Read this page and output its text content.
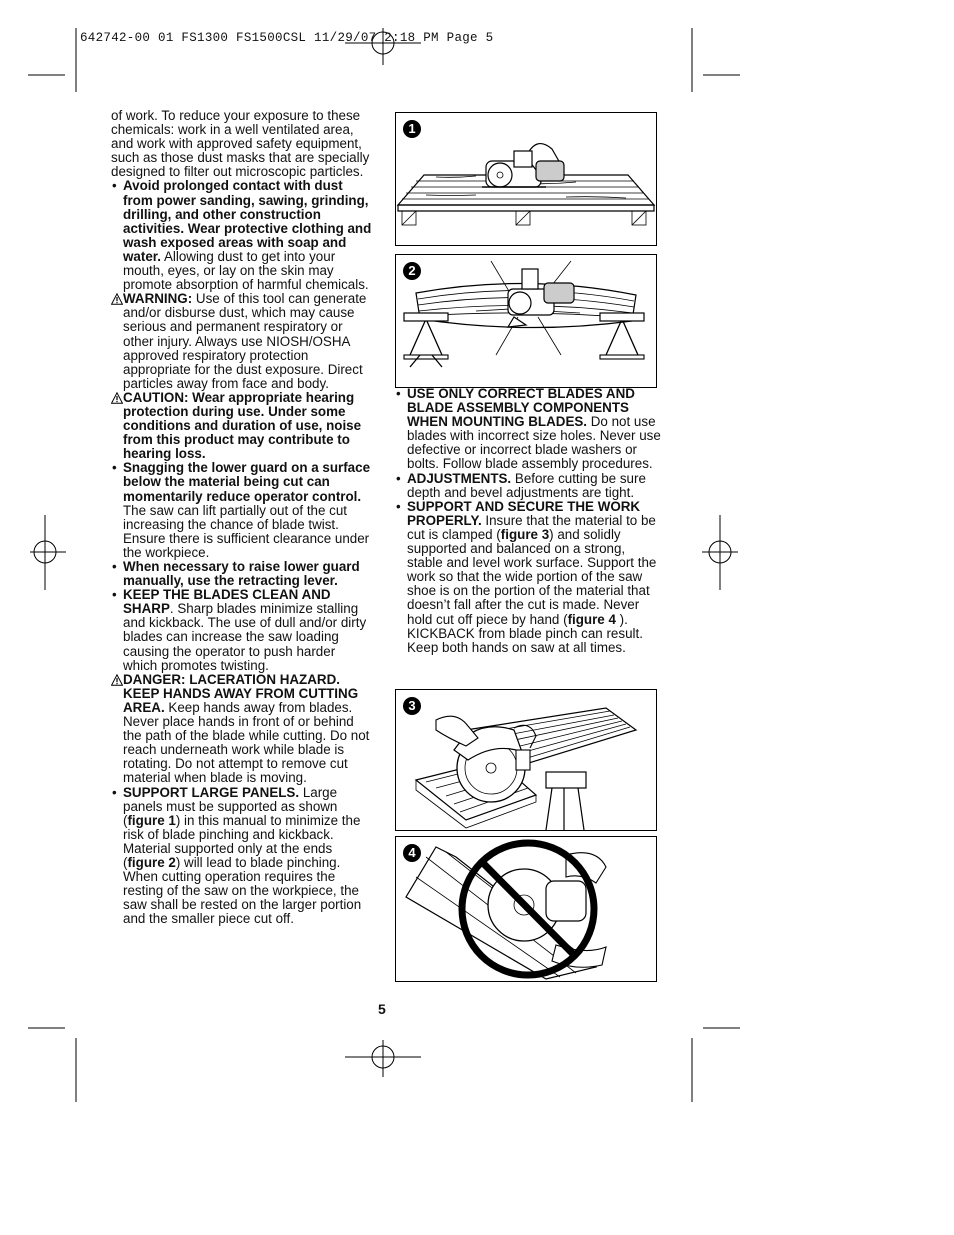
642742-00 01 FS1300 FS1500CSL 11/29/07 2:18 PM Page 5

of work. To reduce your exposure to these chemicals: work in a well ventilated area, and work with approved safety equipment, such as those dust masks that are specially designed to filter out microscopic particles.

• Avoid prolonged contact with dust from power sanding, sawing, grinding, drilling, and other construction activities. Wear protective clothing and wash exposed areas with soap and water. Allowing dust to get into your mouth, eyes, or lay on the skin may promote absorption of harmful chemicals.
WARNING: Use of this tool can generate and/or disburse dust, which may cause serious and permanent respiratory or other injury. Always use NIOSH/OSHA approved respiratory protection appropriate for the dust exposure. Direct particles away from face and body.
CAUTION: Wear appropriate hearing protection during use. Under some conditions and duration of use, noise from this product may contribute to hearing loss.
• Snagging the lower guard on a surface below the material being cut can momentarily reduce operator control. The saw can lift partially out of the cut increasing the chance of blade twist. Ensure there is sufficient clearance under the workpiece.
• When necessary to raise lower guard manually, use the retracting lever.
• KEEP THE BLADES CLEAN AND SHARP. Sharp blades minimize stalling and kickback. The use of dull and/or dirty blades can increase the saw loading causing the operator to push harder which promotes twisting.
DANGER: LACERATION HAZARD. KEEP HANDS AWAY FROM CUTTING AREA. Keep hands away from blades. Never place hands in front of or behind the path of the blade while cutting. Do not reach underneath work while blade is rotating. Do not attempt to remove cut material when blade is moving.
• SUPPORT LARGE PANELS. Large panels must be supported as shown (figure 1) in this manual to minimize the risk of blade pinching and kickback. Material supported only at the ends (figure 2) will lead to blade pinching. When cutting operation requires the resting of the saw on the workpiece, the saw shall be rested on the larger portion and the smaller piece cut off.
1
2
• USE ONLY CORRECT BLADES AND BLADE ASSEMBLY COMPONENTS WHEN MOUNTING BLADES. Do not use blades with incorrect size holes. Never use defective or incorrect blade washers or bolts. Follow blade assembly procedures.
• ADJUSTMENTS. Before cutting be sure depth and bevel adjustments are tight.
• SUPPORT AND SECURE THE WORK PROPERLY. Insure that the material to be cut is clamped (figure 3) and solidly supported and balanced on a strong, stable and level work surface. Support the work so that the wide portion of the saw shoe is on the portion of the material that doesn’t fall after the cut is made. Never hold cut off piece by hand (figure 4 ). KICKBACK from blade pinch can result. Keep both hands on saw at all times.
3
4
5
